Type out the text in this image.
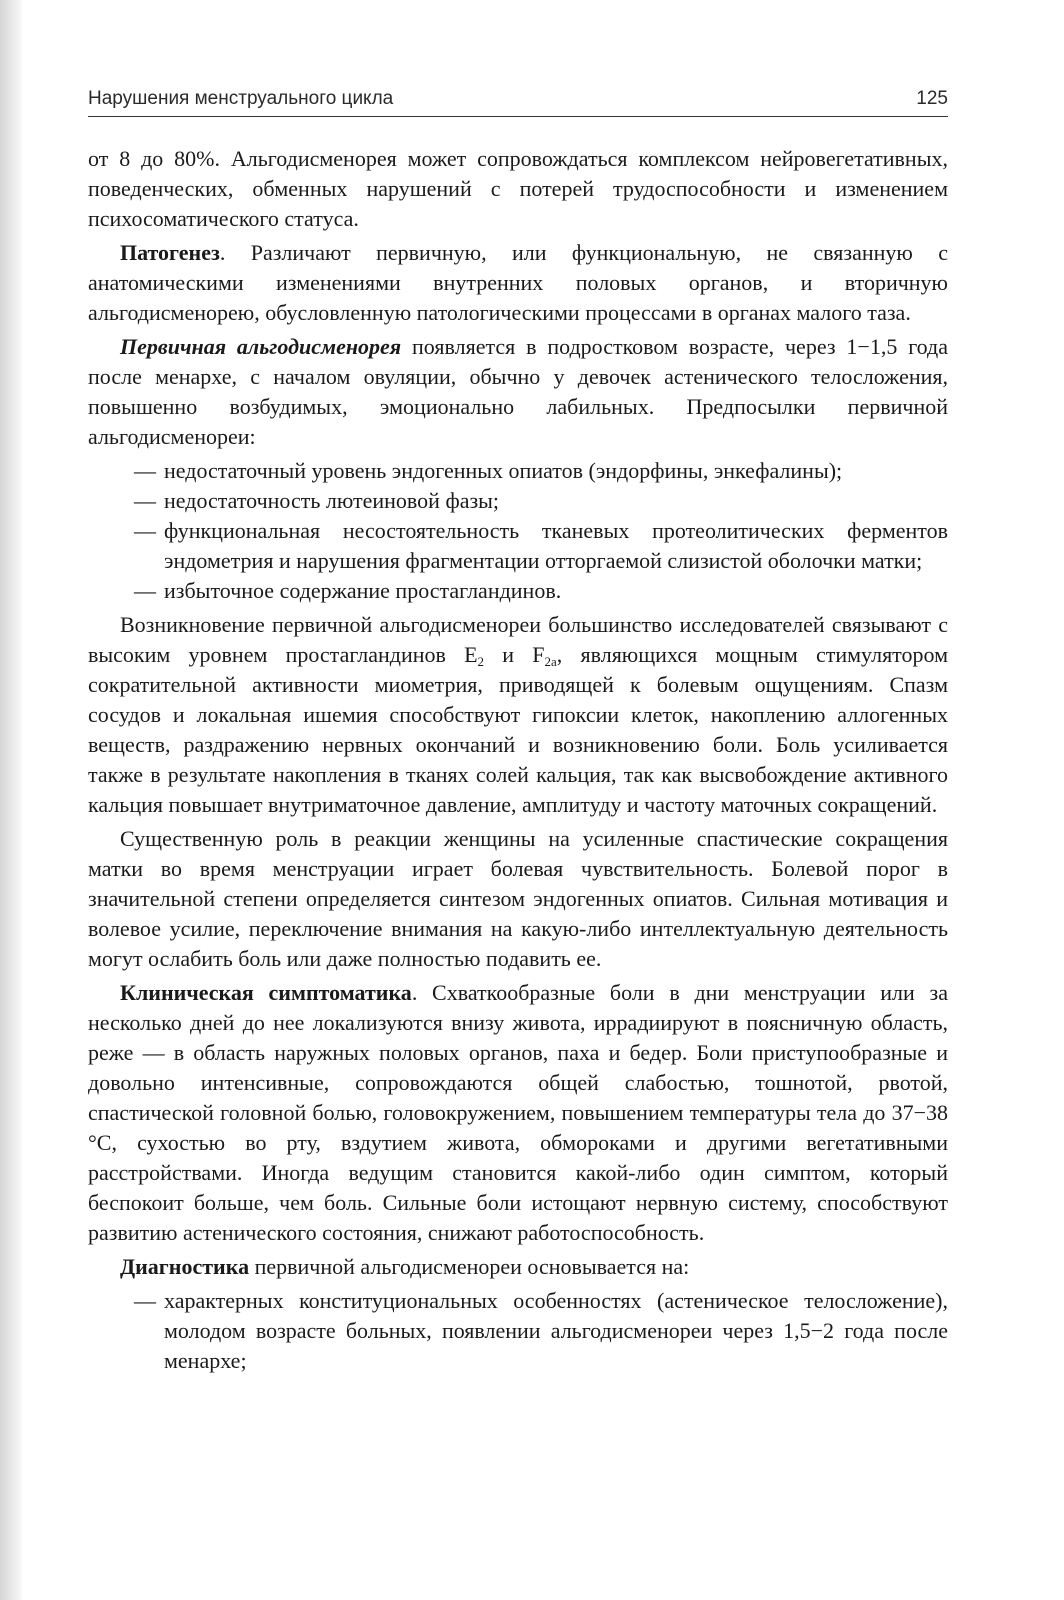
Нарушения менструального цикла	125

от 8 до 80%. Альгодисменорея может сопровождаться комплексом нейровегетативных, поведенческих, обменных нарушений с потерей трудоспособности и изменением психосоматического статуса.

Патогенез. Различают первичную, или функциональную, не связанную с анатомическими изменениями внутренних половых органов, и вторичную альгодисменорею, обусловленную патологическими процессами в органах малого таза.

Первичная альгодисменорея появляется в подростковом возрасте, через 1−1,5 года после менархе, с началом овуляции, обычно у девочек астенического телосложения, повышенно возбудимых, эмоционально лабильных. Предпосылки первичной альгодисменореи:

— недостаточный уровень эндогенных опиатов (эндорфины, энкефалины);
— недостаточность лютеиновой фазы;
— функциональная несостоятельность тканевых протеолитических ферментов эндометрия и нарушения фрагментации отторгаемой слизистой оболочки матки;
— избыточное содержание простагландинов.

Возникновение первичной альгодисменореи большинство исследователей связывают с высоким уровнем простагландинов $E_2$ и $F_{2a}$, являющихся мощным стимулятором сократительной активности миометрия, приводящей к болевым ощущениям. Спазм сосудов и локальная ишемия способствуют гипоксии клеток, накоплению аллогенных веществ, раздражению нервных окончаний и возникновению боли. Боль усиливается также в результате накопления в тканях солей кальция, так как высвобождение активного кальция повышает внутриматочное давление, амплитуду и частоту маточных сокращений.

Существенную роль в реакции женщины на усиленные спастические сокращения матки во время менструации играет болевая чувствительность. Болевой порог в значительной степени определяется синтезом эндогенных опиатов. Сильная мотивация и волевое усилие, переключение внимания на какую-либо интеллектуальную деятельность могут ослабить боль или даже полностью подавить ее.

Клиническая симптоматика. Схваткообразные боли в дни менструации или за несколько дней до нее локализуются внизу живота, иррадиируют в поясничную область, реже — в область наружных половых органов, паха и бедер. Боли приступообразные и довольно интенсивные, сопровождаются общей слабостью, тошнотой, рвотой, спастической головной болью, головокружением, повышением температуры тела до 37−38 °C, сухостью во рту, вздутием живота, обмороками и другими вегетативными расстройствами. Иногда ведущим становится какой-либо один симптом, который беспокоит больше, чем боль. Сильные боли истощают нервную систему, способствуют развитию астенического состояния, снижают работоспособность.

Диагностика первичной альгодисменореи основывается на:

— характерных конституциональных особенностях (астеническое телосложение), молодом возрасте больных, появлении альгодисменореи через 1,5−2 года после менархе;
